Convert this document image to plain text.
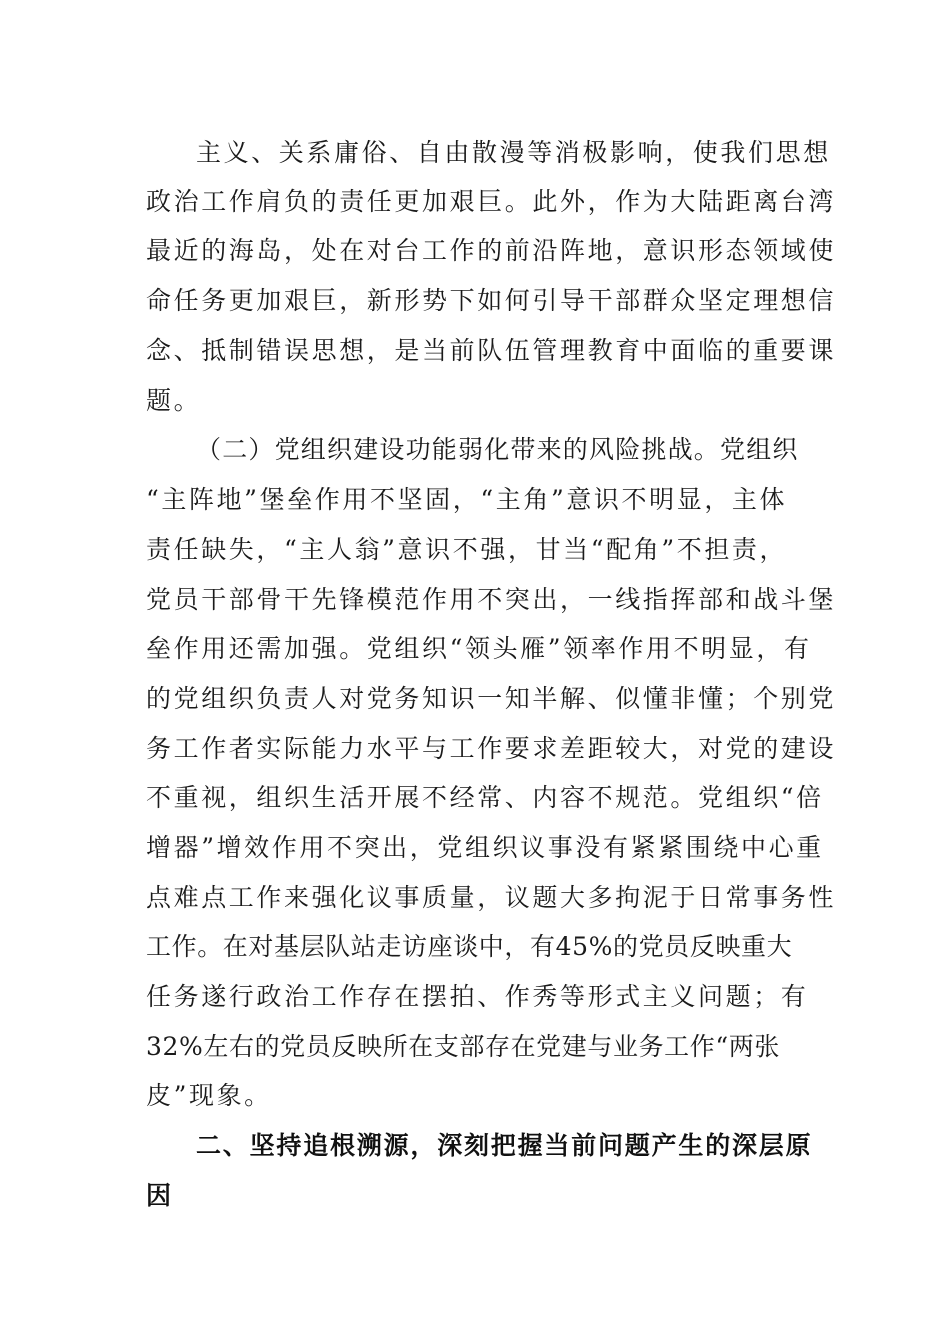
主义、关系庸俗、自由散漫等消极影响，使我们思想

政治工作肩负的责任更加艰巨。此外，作为大陆距离台湾

最近的海岛，处在对台工作的前沿阵地，意识形态领域使

命任务更加艰巨，新形势下如何引导干部群众坚定理想信

念、抵制错误思想，是当前队伍管理教育中面临的重要课

题。

（二）党组织建设功能弱化带来的风险挑战。党组织

“主阵地”堡垒作用不坚固，“主角”意识不明显，主体

责任缺失，“主人翁”意识不强，甘当“配角”不担责，

党员干部骨干先锋模范作用不突出，一线指挥部和战斗堡

垒作用还需加强。党组织“领头雁”领率作用不明显，有

的党组织负责人对党务知识一知半解、似懂非懂；个别党

务工作者实际能力水平与工作要求差距较大，对党的建设

不重视，组织生活开展不经常、内容不规范。党组织“倍

增器”增效作用不突出，党组织议事没有紧紧围绕中心重

点难点工作来强化议事质量，议题大多拘泥于日常事务性

工作。在对基层队站走访座谈中，有45%的党员反映重大

任务遂行政治工作存在摆拍、作秀等形式主义问题；有

32%左右的党员反映所在支部存在党建与业务工作“两张

皮”现象。

二、坚持追根溯源，深刻把握当前问题产生的深层原

因
